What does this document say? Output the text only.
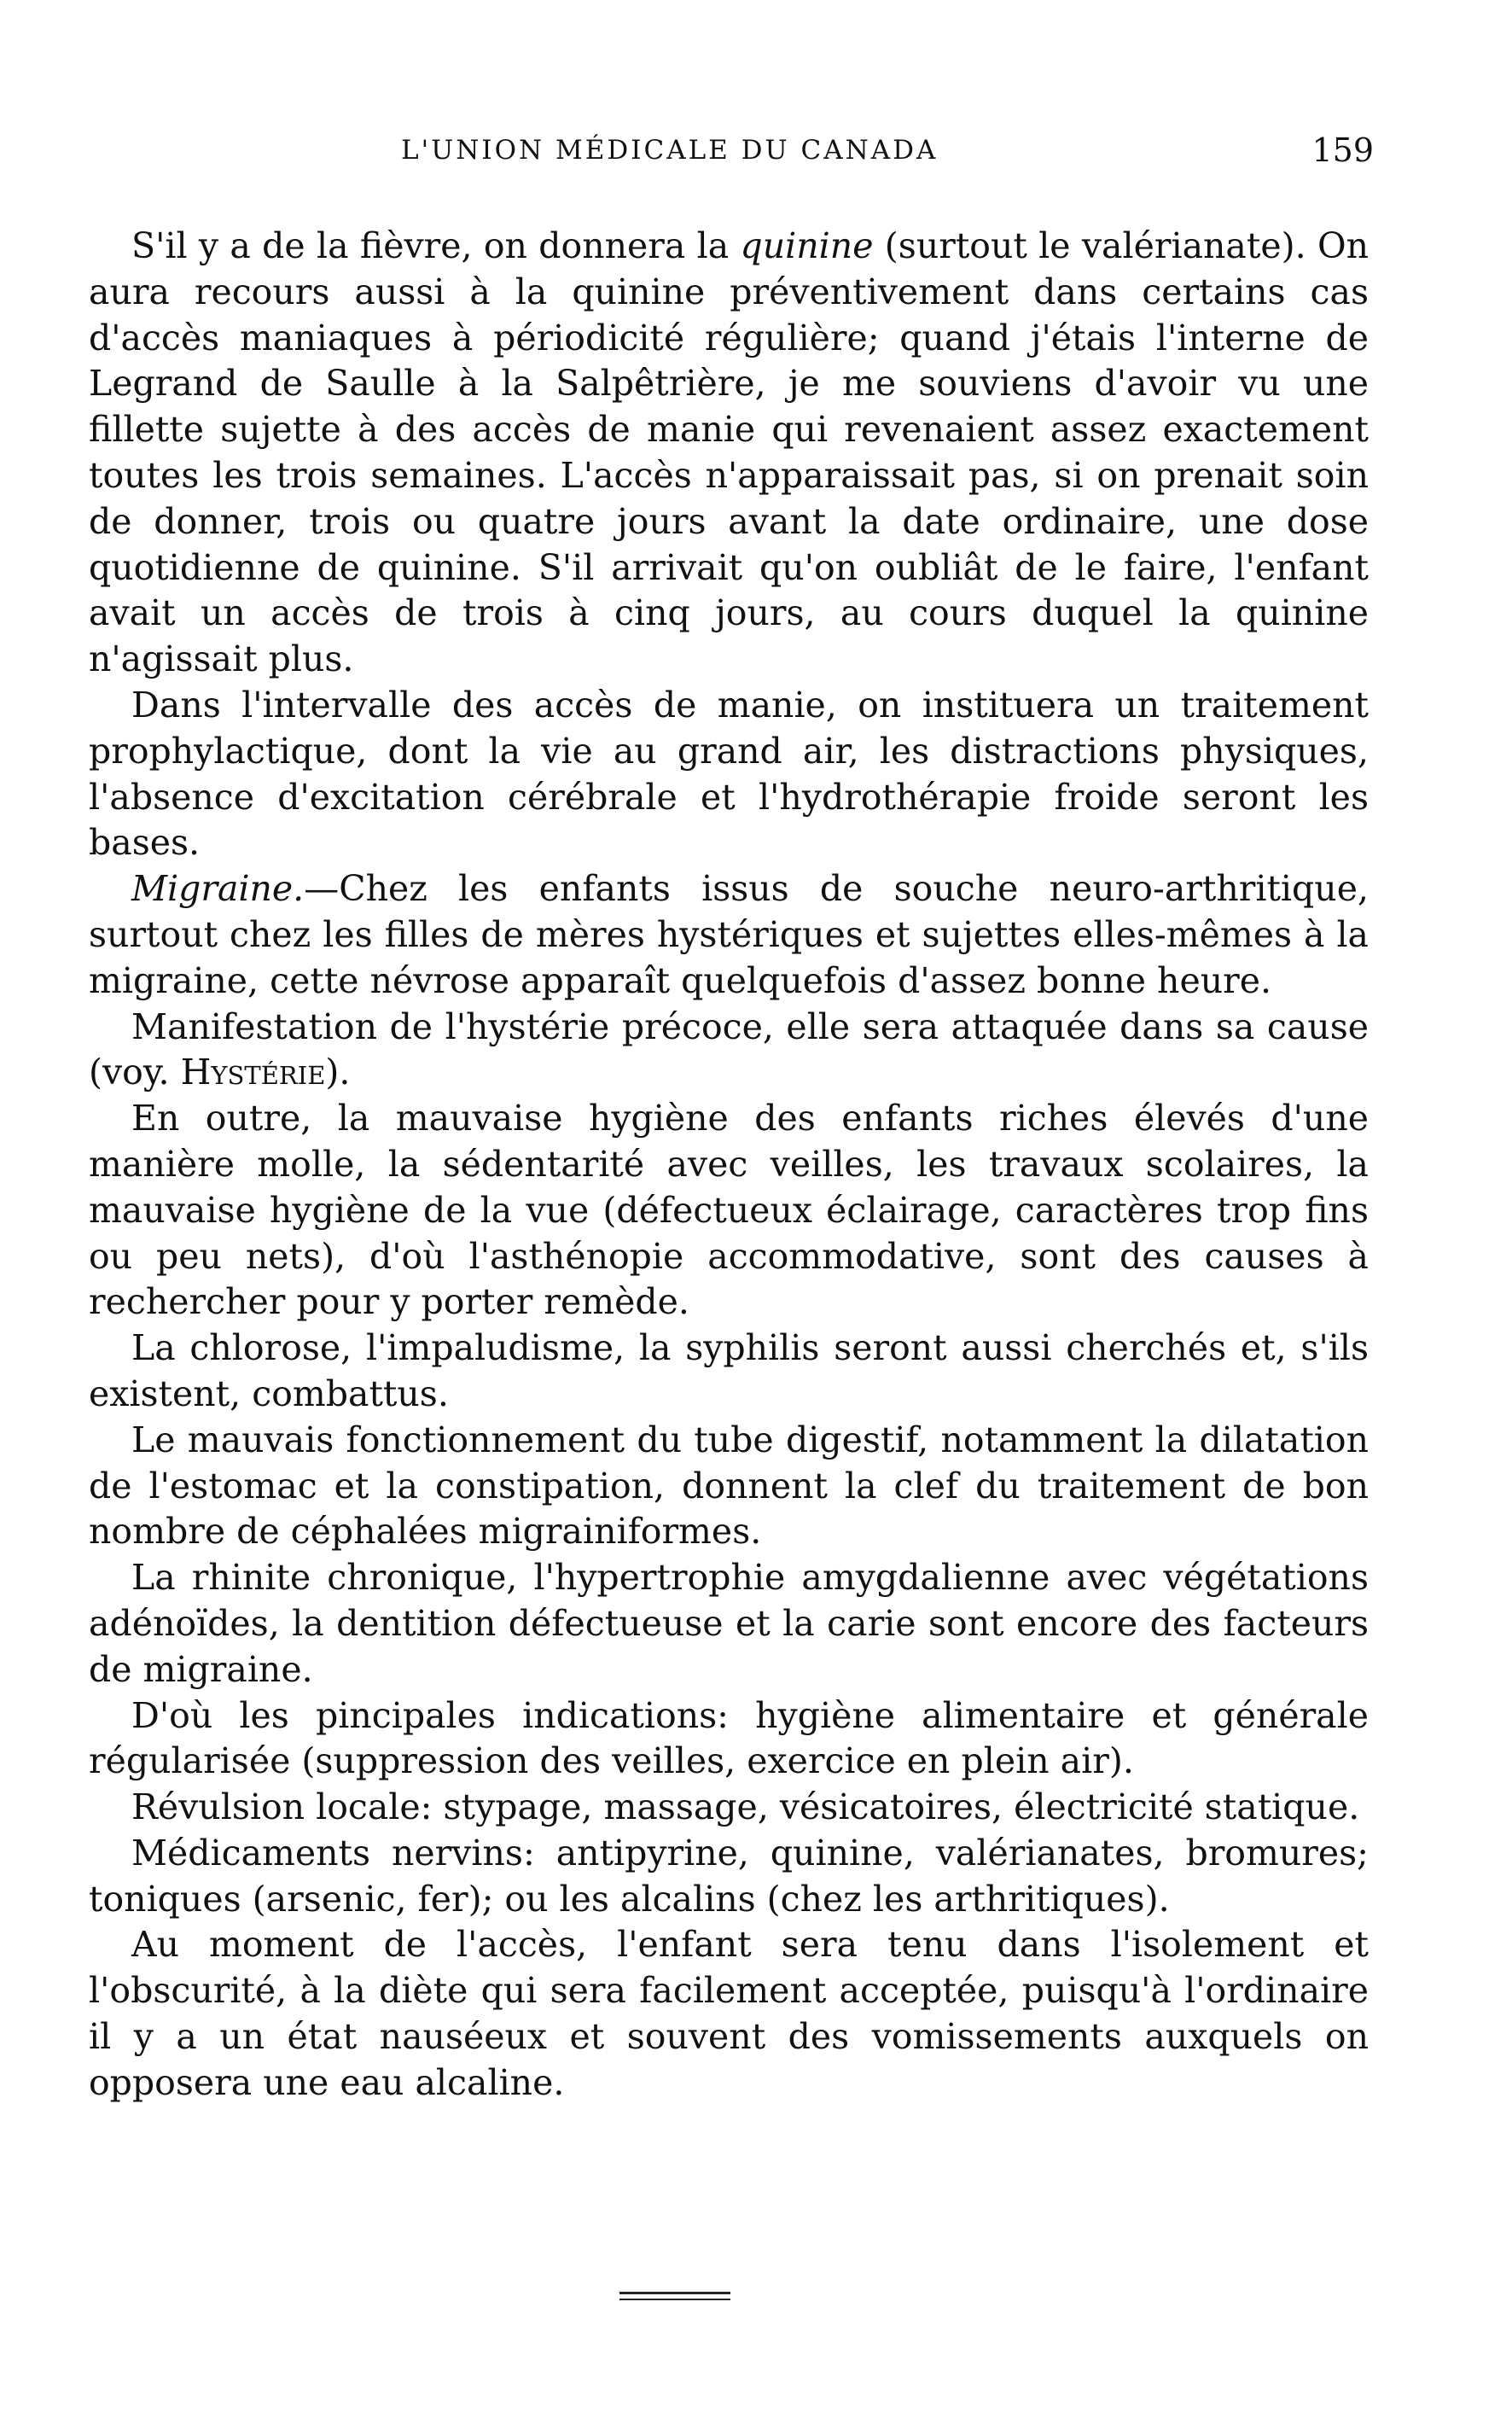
L'UNION MÉDICALE DU CANADA	159

S'il y a de la fièvre, on donnera la quinine (surtout le valérianate). On aura recours aussi à la quinine préventivement dans certains cas d'accès maniaques à périodicité régulière; quand j'étais l'interne de Legrand de Saulle à la Salpêtrière, je me souviens d'avoir vu une fillette sujette à des accès de manie qui revenaient assez exactement toutes les trois semaines. L'accès n'apparaissait pas, si on prenait soin de donner, trois ou quatre jours avant la date ordinaire, une dose quotidienne de quinine. S'il arrivait qu'on oubliât de le faire, l'enfant avait un accès de trois à cinq jours, au cours duquel la quinine n'agissait plus.

Dans l'intervalle des accès de manie, on instituera un traitement prophylactique, dont la vie au grand air, les distractions physiques, l'absence d'excitation cérébrale et l'hydrothérapie froide seront les bases.

Migraine.—Chez les enfants issus de souche neuro-arthritique, surtout chez les filles de mères hystériques et sujettes elles-mêmes à la migraine, cette névrose apparaît quelquefois d'assez bonne heure.

Manifestation de l'hystérie précoce, elle sera attaquée dans sa cause (voy. Hystérie).

En outre, la mauvaise hygiène des enfants riches élevés d'une manière molle, la sédentarité avec veilles, les travaux scolaires, la mauvaise hygiène de la vue (défectueux éclairage, caractères trop fins ou peu nets), d'où l'asthénopie accommodative, sont des causes à rechercher pour y porter remède.

La chlorose, l'impaludisme, la syphilis seront aussi cherchés et, s'ils existent, combattus.

Le mauvais fonctionnement du tube digestif, notamment la dilatation de l'estomac et la constipation, donnent la clef du traitement de bon nombre de céphalées migrainiformes.

La rhinite chronique, l'hypertrophie amygdalienne avec végétations adénoïdes, la dentition défectueuse et la carie sont encore des facteurs de migraine.

D'où les pincipales indications: hygiène alimentaire et générale régularisée (suppression des veilles, exercice en plein air).

Révulsion locale: stypage, massage, vésicatoires, électricité statique.

Médicaments nervins: antipyrine, quinine, valérianates, bromures; toniques (arsenic, fer); ou les alcalins (chez les arthritiques).

Au moment de l'accès, l'enfant sera tenu dans l'isolement et l'obscurité, à la diète qui sera facilement acceptée, puisqu'à l'ordinaire il y a un état nauséeux et souvent des vomissements auxquels on opposera une eau alcaline.
